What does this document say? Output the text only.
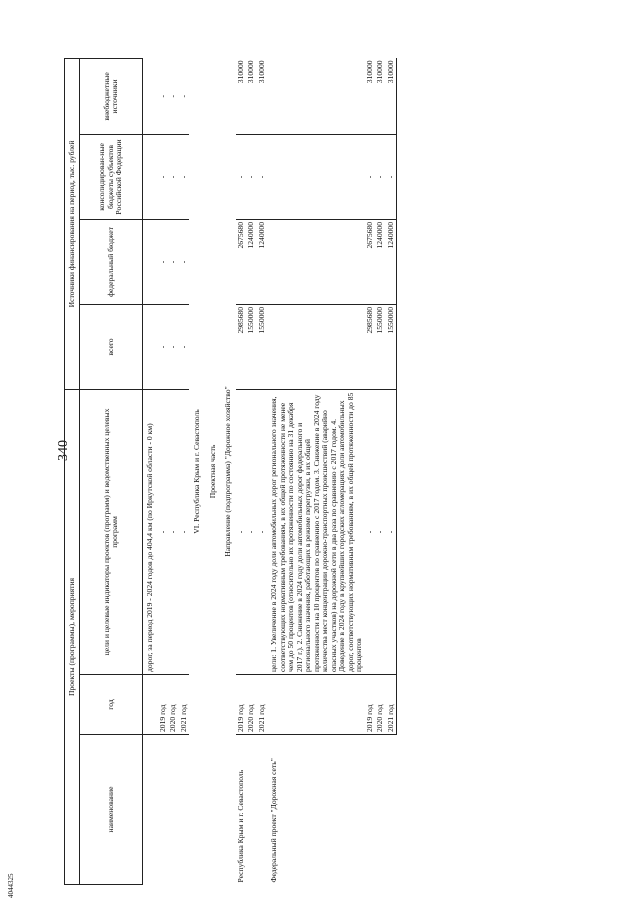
340
4044325
Проекты (программы), мероприятия			Источники финансирования на период, тыс. рублей			
наименование	год	цели и целевые индикаторы проектов (программ) и ведомственных целевых программ	всего	федеральный бюджет	консолидирован-ные бюджеты субъектов Российской Федерации	внебюджетные источники
		дорог, за период 2019 - 2024 годов до 404,4 км (по Иркутской области - 0 км)				
	2019 год	-	-	-	-	-
	2020 год	-	-	-	-	-
	2021 год	-	-	-	-	-
VI. Республика Крым и г. Севастополь						
Проектная часть						
Направление (подпрограмма) "Дорожное хозяйство"						
Республика Крым и г. Севастополь	2019 год	-	2985680	2675680	-	310000
	2020 год	-	1550000	1240000	-	310000
	2021 год	-	1550000	1240000	-	310000
Федеральный проект "Дорожная сеть"		цели: 1. Увеличение в 2024 году доли автомобильных дорог регионального значения, соответствующих нормативным требованиям, в их общей протяженности не менее чем до 50 процентов (относительно их протяженности по состоянию на 31 декабря 2017 г.). 2. Снижение в 2024 году доли автомобильных дорог федерального и регионального значения, работающих в режиме перегрузки, в их общей протяженности на 10 процентов по сравнению с 2017 годом. 3. Снижение в 2024 году количества мест концентрации дорожно-транспортных происшествий (аварийно опасных участков) на дорожной сети в два раза по сравнению с 2017 годом. 4. Доведение в 2024 году в крупнейших городских агломерациях доли автомобильных дорог, соответствующих нормативным требованиям, в их общей протяженности до 85 процентов				
	2019 год	-	2985680	2675680	-	310000
	2020 год	-	1550000	1240000	-	310000
	2021 год	-	1550000	1240000	-	310000
